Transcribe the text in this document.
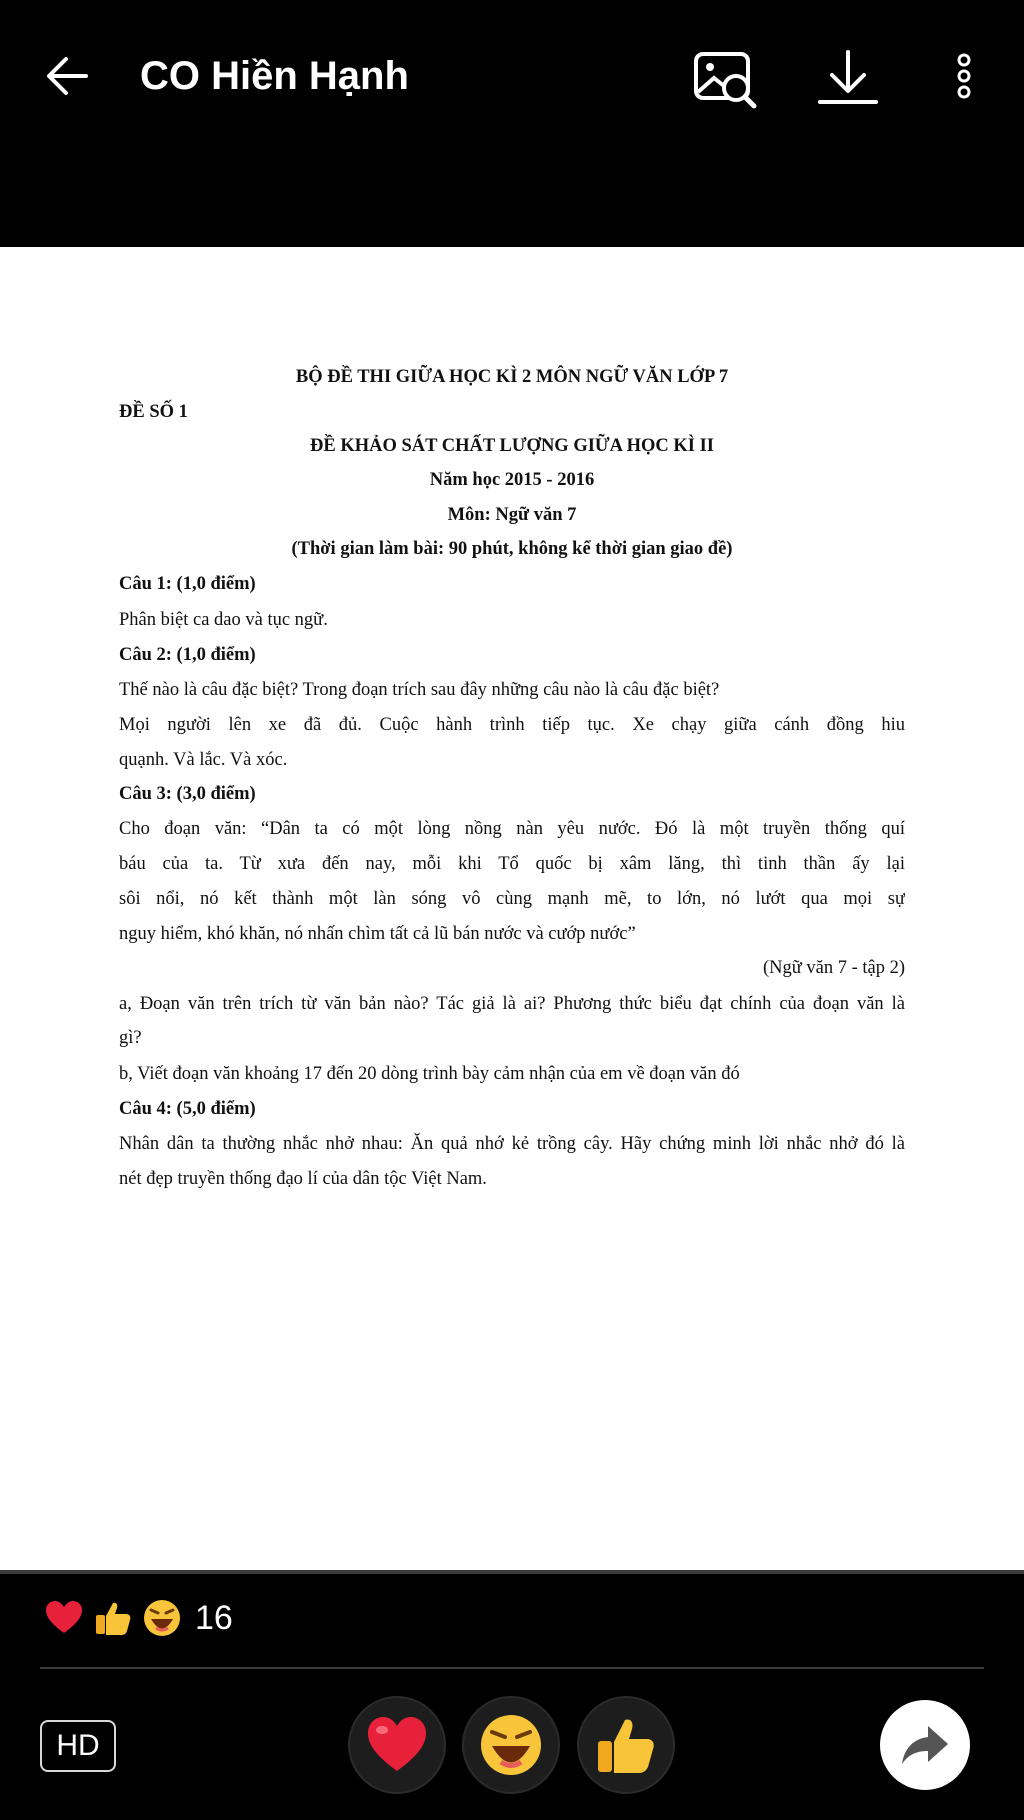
CO Hiền Hạnh
BỘ ĐỀ THI GIỮA HỌC KÌ 2 MÔN NGỮ VĂN LỚP 7
ĐỀ SỐ 1
ĐỀ KHẢO SÁT CHẤT LƯỢNG GIỮA HỌC KÌ II
Năm học 2015 - 2016
Môn: Ngữ văn 7
(Thời gian làm bài: 90 phút, không kể thời gian giao đề)
Câu 1: (1,0 điểm)
Phân biệt ca dao và tục ngữ.
Câu 2: (1,0 điểm)
Thế nào là câu đặc biệt? Trong đoạn trích sau đây những câu nào là câu đặc biệt?
Mọi người lên xe đã đủ. Cuộc hành trình tiếp tục. Xe chạy giữa cánh đồng hiu
quạnh. Và lắc. Và xóc.
Câu 3: (3,0 điểm)
Cho đoạn văn: “Dân ta có một lòng nồng nàn yêu nước. Đó là một truyền thống quí
báu của ta. Từ xưa đến nay, mỗi khi Tổ quốc bị xâm lăng, thì tinh thần ấy lại
sôi nổi, nó kết thành một làn sóng vô cùng mạnh mẽ, to lớn, nó lướt qua mọi sự
nguy hiểm, khó khăn, nó nhấn chìm tất cả lũ bán nước và cướp nước”
(Ngữ văn 7 - tập 2)
a, Đoạn văn trên trích từ văn bản nào? Tác giả là ai? Phương thức biểu đạt chính của đoạn văn là
gì?
b, Viết đoạn văn khoảng 17 đến 20 dòng trình bày cảm nhận của em về đoạn văn đó
Câu 4: (5,0 điểm)
Nhân dân ta thường nhắc nhở nhau: Ăn quả nhớ kẻ trồng cây. Hãy chứng minh lời nhắc nhở đó là
nét đẹp truyền thống đạo lí của dân tộc Việt Nam.
16
HD
